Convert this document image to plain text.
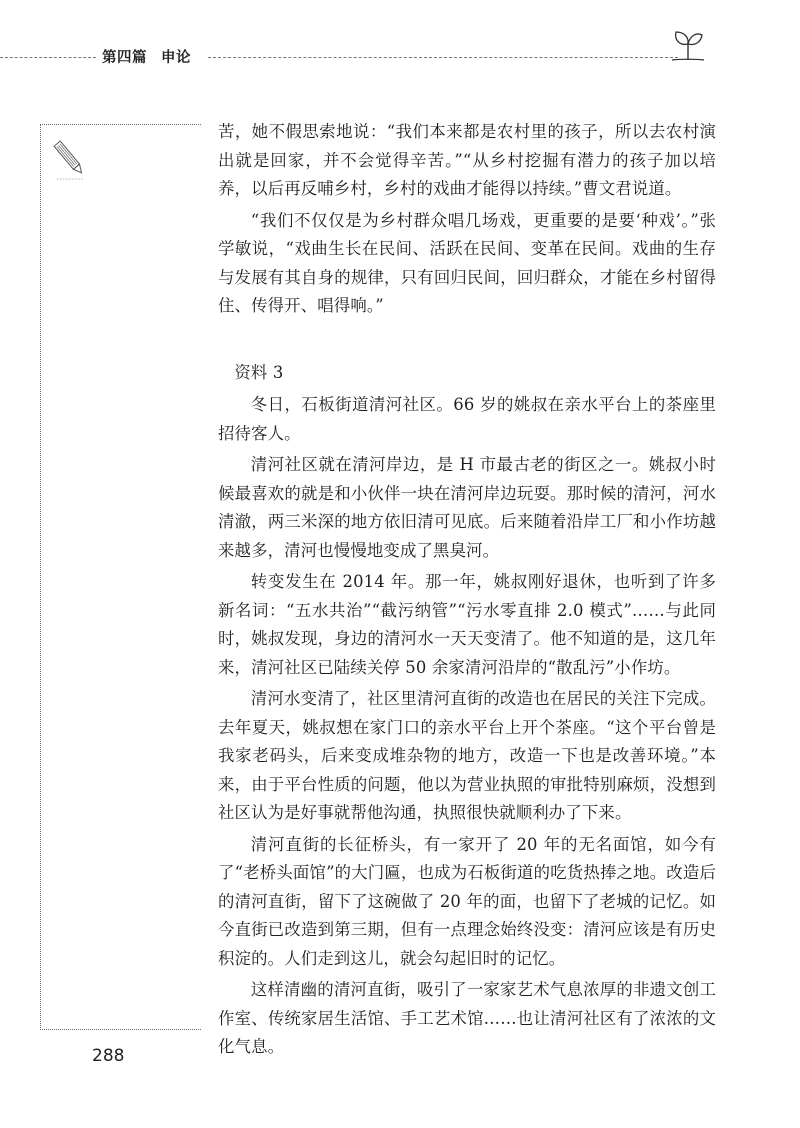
第四篇 申论

苦，她不假思索地说：“我们本来都是农村里的孩子，所以去农村演出就是回家，并不会觉得辛苦。”“从乡村挖掘有潜力的孩子加以培养，以后再反哺乡村，乡村的戏曲才能得以持续。”曹文君说道。

“我们不仅仅是为乡村群众唱几场戏，更重要的是要‘种戏’。”张学敏说，“戏曲生长在民间、活跃在民间、变革在民间。戏曲的生存与发展有其自身的规律，只有回归民间，回归群众，才能在乡村留得住、传得开、唱得响。”

资料 3

冬日，石板街道清河社区。66 岁的姚叔在亲水平台上的茶座里招待客人。

清河社区就在清河岸边，是 H 市最古老的街区之一。姚叔小时候最喜欢的就是和小伙伴一块在清河岸边玩耍。那时候的清河，河水清澈，两三米深的地方依旧清可见底。后来随着沿岸工厂和小作坊越来越多，清河也慢慢地变成了黑臭河。

转变发生在 2014 年。那一年，姚叔刚好退休，也听到了许多新名词：“五水共治”“截污纳管”“污水零直排 2.0 模式”……与此同时，姚叔发现，身边的清河水一天天变清了。他不知道的是，这几年来，清河社区已陆续关停 50 余家清河沿岸的“散乱污”小作坊。

清河水变清了，社区里清河直街的改造也在居民的关注下完成。去年夏天，姚叔想在家门口的亲水平台上开个茶座。“这个平台曾是我家老码头，后来变成堆杂物的地方，改造一下也是改善环境。”本来，由于平台性质的问题，他以为营业执照的审批特别麻烦，没想到社区认为是好事就帮他沟通，执照很快就顺利办了下来。

清河直街的长征桥头，有一家开了 20 年的无名面馆，如今有了“老桥头面馆”的大门匾，也成为石板街道的吃货热捧之地。改造后的清河直街，留下了这碗做了 20 年的面，也留下了老城的记忆。如今直街已改造到第三期，但有一点理念始终没变：清河应该是有历史积淀的。人们走到这儿，就会勾起旧时的记忆。

这样清幽的清河直街，吸引了一家家艺术气息浓厚的非遗文创工作室、传统家居生活馆、手工艺术馆……也让清河社区有了浓浓的文化气息。

288
